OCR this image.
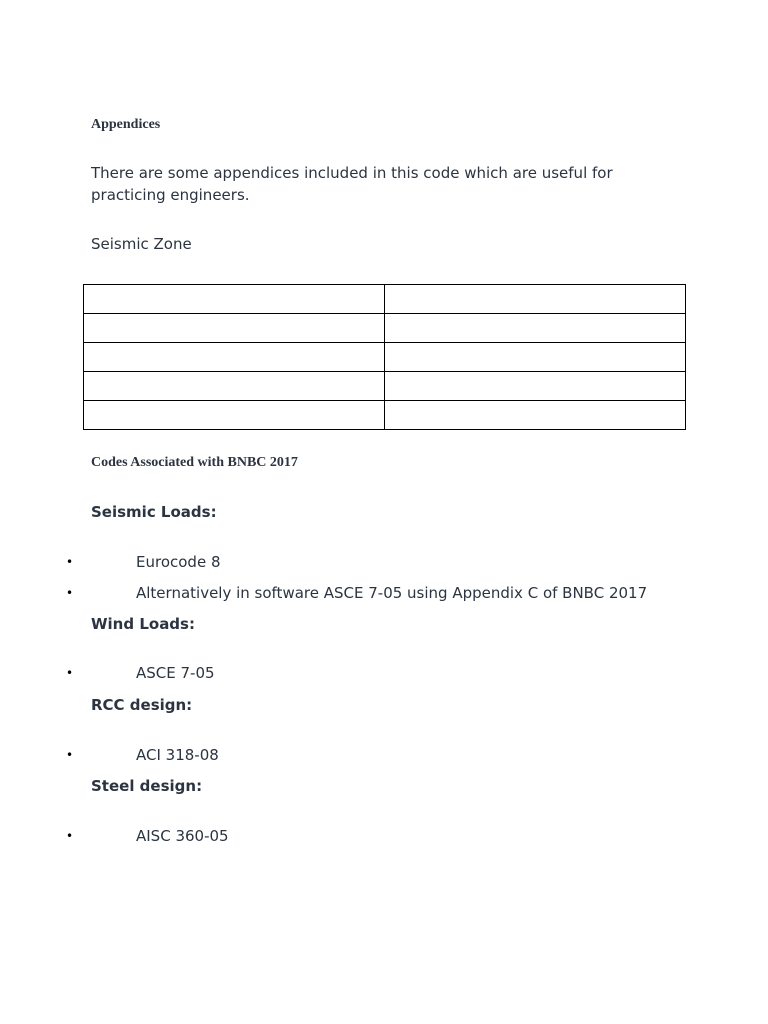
Appendices

There are some appendices included in this code which are useful for practicing engineers.

Seismic Zone

Codes Associated with BNBC 2017

Seismic Loads:

•	Eurocode 8
•	Alternatively in software ASCE 7-05 using Appendix C of BNBC 2017

Wind Loads:

•	ASCE 7-05

RCC design:

•	ACI 318-08

Steel design:

•	AISC 360-05
